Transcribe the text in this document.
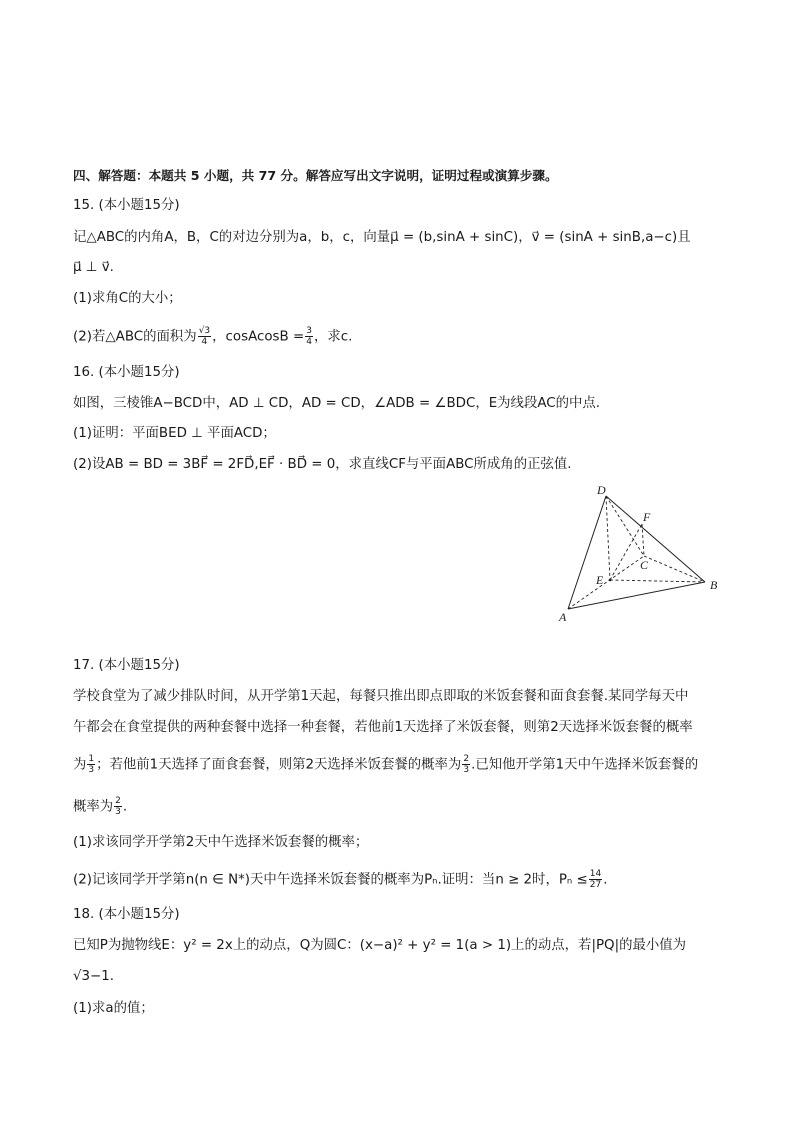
四、解答题：本题共 5 小题，共 77 分。解答应写出文字说明，证明过程或演算步骤。
15. (本小题15分)
记△ABC的内角A，B，C的对边分别为a，b，c，向量μ⃗ = (b,sinA + sinC)，v⃗ = (sinA + sinB,a−c)且
μ⃗ ⊥ v⃗.
(1)求角C的大小；
(2)若△ABC的面积为 $\frac{√3}{4}$ ，cosAcosB = $\frac{3}{4}$ ，求c.
16. (本小题15分)
如图，三棱锥A−BCD中，AD ⊥ CD，AD = CD，∠ADB = ∠BDC，E为线段AC的中点.
(1)证明：平面BED ⊥ 平面ACD；
(2)设AB = BD = 3BF⃗ = 2FD⃗,EF⃗ · BD⃗ = 0，求直线CF与平面ABC所成角的正弦值.
D
F
C
E	B
A
17. (本小题15分)
学校食堂为了减少排队时间，从开学第1天起，每餐只推出即点即取的米饭套餐和面食套餐.某同学每天中
午都会在食堂提供的两种套餐中选择一种套餐，若他前1天选择了米饭套餐，则第2天选择米饭套餐的概率
为 $\frac{1}{3}$ ；若他前1天选择了面食套餐，则第2天选择米饭套餐的概率为 $\frac{2}{3}$ .已知他开学第1天中午选择米饭套餐的
概率为 $\frac{2}{3}$ .
(1)求该同学开学第2天中午选择米饭套餐的概率；
(2)记该同学开学第n(n ∈ N*)天中午选择米饭套餐的概率为Pₙ.证明：当n ≥ 2时，$P_n \le \frac{14}{27}$ .
18. (本小题15分)
已知P为抛物线E：y² = 2x上的动点，Q为圆C：(x−a)² + y² = 1(a > 1)上的动点，若|PQ|的最小值为
√3−1.
(1)求a的值；
